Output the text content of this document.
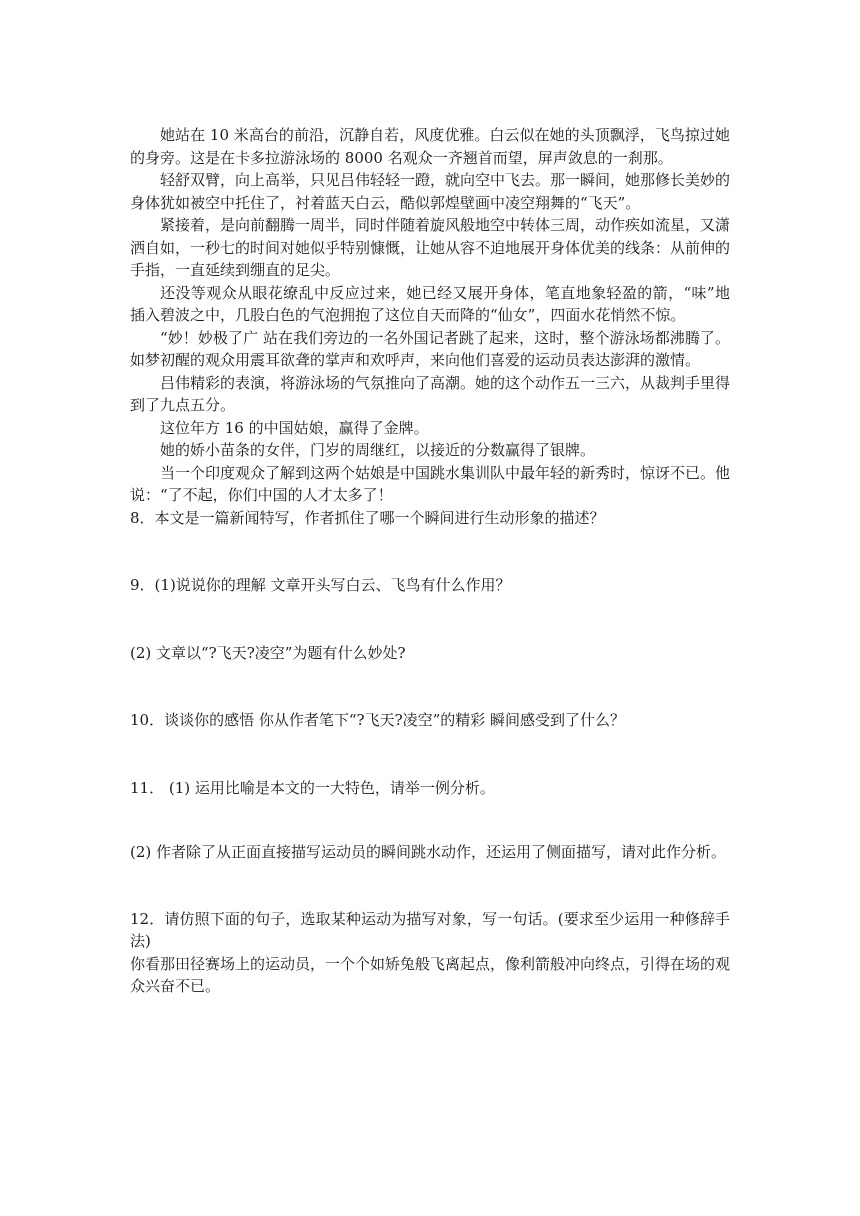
她站在 10 米高台的前沿，沉静自若，风度优雅。白云似在她的头顶飘浮，飞鸟掠过她的身旁。这是在卡多拉游泳场的 8000 名观众一齐翘首而望，屏声敛息的一刹那。

轻舒双臂，向上高举，只见吕伟轻轻一蹬，就向空中飞去。那一瞬间，她那修长美妙的身体犹如被空中托住了，衬着蓝天白云，酷似郭煌壁画中凌空翔舞的“飞天”。

紧接着，是向前翻腾一周半，同时伴随着旋风般地空中转体三周，动作疾如流星，又潇洒自如，一秒七的时间对她似乎特别慷慨，让她从容不迫地展开身体优美的线条：从前伸的手指，一直延续到绷直的足尖。

还没等观众从眼花缭乱中反应过来，她已经又展开身体，笔直地象轻盈的箭，“味”地插入碧波之中，几股白色的气泡拥抱了这位自天而降的“仙女”，四面水花悄然不惊。

“妙！妙极了广 站在我们旁边的一名外国记者跳了起来，这时，整个游泳场都沸腾了。如梦初醒的观众用震耳欲聋的掌声和欢呼声，来向他们喜爱的运动员表达澎湃的激情。

吕伟精彩的表演，将游泳场的气氛推向了高潮。她的这个动作五一三六，从裁判手里得到了九点五分。

这位年方 16 的中国姑娘，赢得了金牌。

她的娇小苗条的女伴，门岁的周继红，以接近的分数赢得了银牌。

当一个印度观众了解到这两个姑娘是中国跳水集训队中最年轻的新秀时，惊讶不已。他说：“了不起，你们中国的人才太多了！

8．本文是一篇新闻特写，作者抓住了哪一个瞬间进行生动形象的描述？

9．(1)说说你的理解 文章开头写白云、飞鸟有什么作用？

(2) 文章以“?飞天?凌空”为题有什么妙处?

10．谈谈你的感悟 你从作者笔下“?飞天?凌空”的精彩 瞬间感受到了什么？

11． (1) 运用比喻是本文的一大特色，请举一例分析。

(2) 作者除了从正面直接描写运动员的瞬间跳水动作，还运用了侧面描写，请对此作分析。

12．请仿照下面的句子，选取某种运动为描写对象，写一句话。(要求至少运用一种修辞手法)

你看那田径赛场上的运动员，一个个如矫兔般飞离起点，像利箭般冲向终点，引得在场的观众兴奋不已。
